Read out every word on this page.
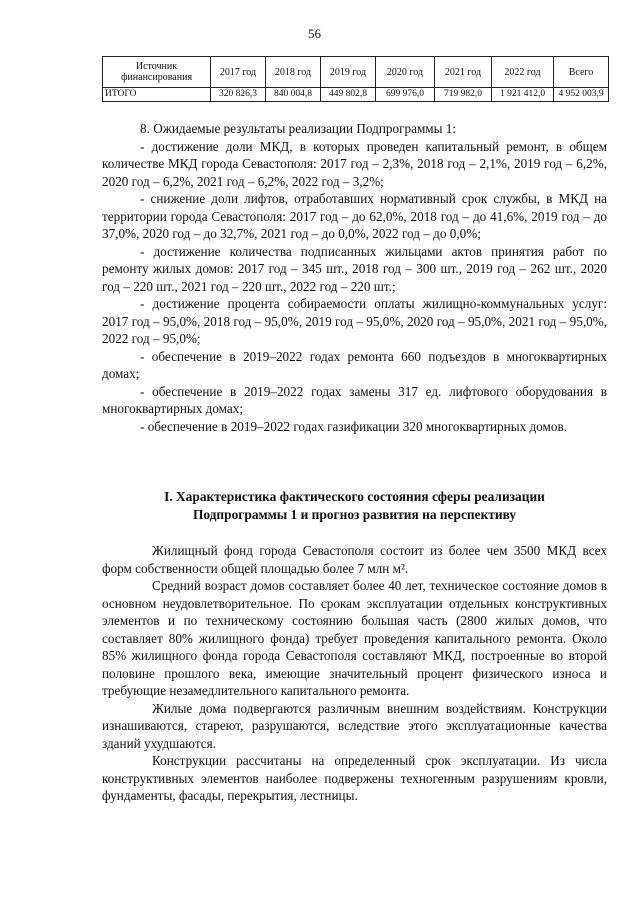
56
Источник финансирования	2017 год	2018 год	2019 год	2020 год	2021 год	2022 год	Всего
ИТОГО	320 826,3	840 004,8	449 802,8	699 976,0	719 982,0	1 921 412,0	4 952 003,9

8. Ожидаемые результаты реализации Подпрограммы 1:

- достижение доли МКД, в которых проведен капитальный ремонт, в общем количестве МКД города Севастополя: 2017 год – 2,3%, 2018 год – 2,1%, 2019 год – 6,2%, 2020 год – 6,2%, 2021 год – 6,2%, 2022 год – 3,2%;

- снижение доли лифтов, отработавших нормативный срок службы, в МКД на территории города Севастополя: 2017 год – до 62,0%, 2018 год – до 41,6%, 2019 год – до 37,0%, 2020 год – до 32,7%, 2021 год – до 0,0%, 2022 год – до 0,0%;

- достижение количества подписанных жильцами актов принятия работ по ремонту жилых домов: 2017 год – 345 шт., 2018 год – 300 шт., 2019 год – 262 шт., 2020 год – 220 шт., 2021 год – 220 шт., 2022 год – 220 шт.;

- достижение процента собираемости оплаты жилищно-коммунальных услуг: 2017 год – 95,0%, 2018 год – 95,0%, 2019 год – 95,0%, 2020 год – 95,0%, 2021 год – 95,0%, 2022 год – 95,0%;

- обеспечение в 2019–2022 годах ремонта 660 подъездов в многоквартирных домах;

- обеспечение в 2019–2022 годах замены 317 ед. лифтового оборудования в многоквартирных домах;

- обеспечение в 2019–2022 годах газификации 320 многоквартирных домов.

I. Характеристика фактического состояния сферы реализации
Подпрограммы 1 и прогноз развития на перспективу

Жилищный фонд города Севастополя состоит из более чем 3500 МКД всех форм собственности общей площадью более 7 млн м².

Средний возраст домов составляет более 40 лет, техническое состояние домов в основном неудовлетворительное. По срокам эксплуатации отдельных конструктивных элементов и по техническому состоянию большая часть (2800 жилых домов, что составляет 80% жилищного фонда) требует проведения капитального ремонта. Около 85% жилищного фонда города Севастополя составляют МКД, построенные во второй половине прошлого века, имеющие значительный процент физического износа и требующие незамедлительного капитального ремонта.

Жилые дома подвергаются различным внешним воздействиям. Конструкции изнашиваются, стареют, разрушаются, вследствие этого эксплуатационные качества зданий ухудшаются.

Конструкции рассчитаны на определенный срок эксплуатации. Из числа конструктивных элементов наиболее подвержены техногенным разрушениям кровли, фундаменты, фасады, перекрытия, лестницы.
